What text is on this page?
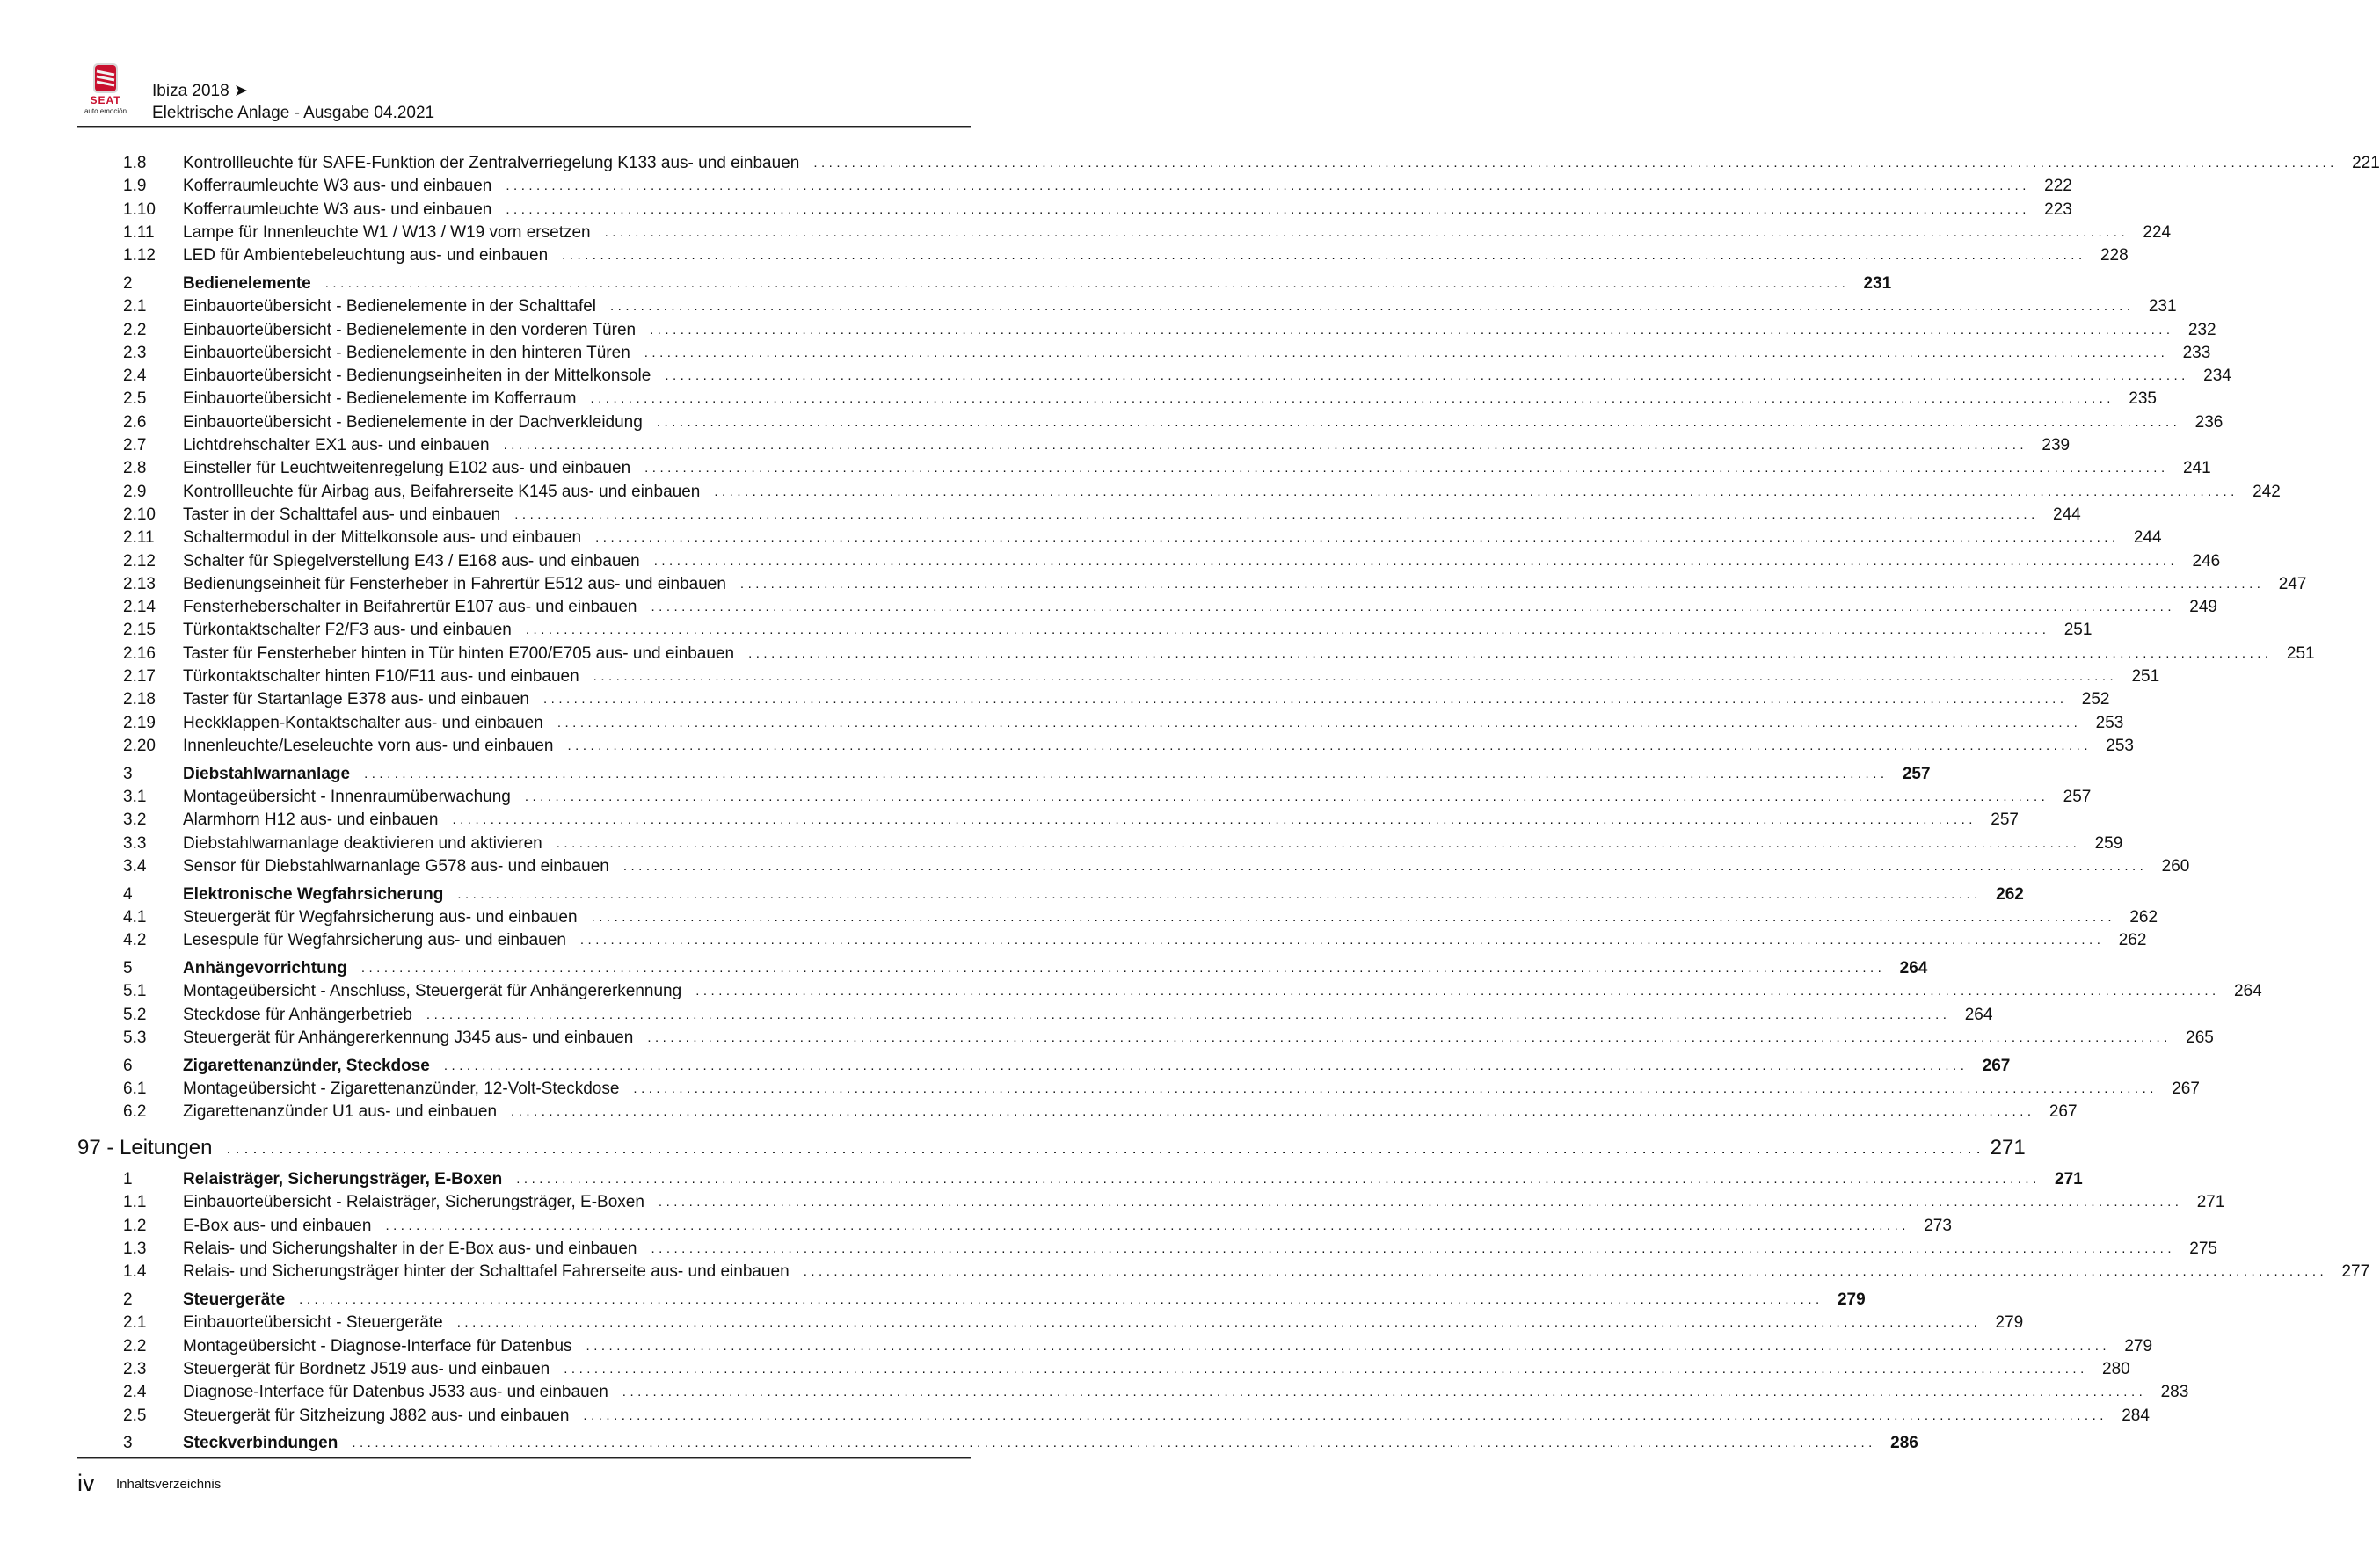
SEAT
auto emoción
Ibiza 2018 ➤
Elektrische Anlage - Ausgabe 04.2021
1.8	Kontrollleuchte für SAFE-Funktion der Zentralverriegelung K133 aus- und einbauen ........................................................................................................................................................................................................ 221
1.9	Kofferraumleuchte W3 aus- und einbauen ........................................................................................................................................................................................................ 222
1.10	Kofferraumleuchte W3 aus- und einbauen ........................................................................................................................................................................................................ 223
1.11	Lampe für Innenleuchte W1 / W13 / W19 vorn ersetzen ........................................................................................................................................................................................................ 224
1.12	LED für Ambientebeleuchtung aus- und einbauen ........................................................................................................................................................................................................ 228
2	Bedienelemente ........................................................................................................................................................................................................ 231
2.1	Einbauorteübersicht - Bedienelemente in der Schalttafel ........................................................................................................................................................................................................ 231
2.2	Einbauorteübersicht - Bedienelemente in den vorderen Türen ........................................................................................................................................................................................................ 232
2.3	Einbauorteübersicht - Bedienelemente in den hinteren Türen ........................................................................................................................................................................................................ 233
2.4	Einbauorteübersicht - Bedienungseinheiten in der Mittelkonsole ........................................................................................................................................................................................................ 234
2.5	Einbauorteübersicht - Bedienelemente im Kofferraum ........................................................................................................................................................................................................ 235
2.6	Einbauorteübersicht - Bedienelemente in der Dachverkleidung ........................................................................................................................................................................................................ 236
2.7	Lichtdrehschalter EX1 aus- und einbauen ........................................................................................................................................................................................................ 239
2.8	Einsteller für Leuchtweitenregelung E102 aus- und einbauen ........................................................................................................................................................................................................ 241
2.9	Kontrollleuchte für Airbag aus, Beifahrerseite K145 aus- und einbauen ........................................................................................................................................................................................................ 242
2.10	Taster in der Schalttafel aus- und einbauen ........................................................................................................................................................................................................ 244
2.11	Schaltermodul in der Mittelkonsole aus- und einbauen ........................................................................................................................................................................................................ 244
2.12	Schalter für Spiegelverstellung E43 / E168 aus- und einbauen ........................................................................................................................................................................................................ 246
2.13	Bedienungseinheit für Fensterheber in Fahrertür E512 aus- und einbauen ........................................................................................................................................................................................................ 247
2.14	Fensterheberschalter in Beifahrertür E107 aus- und einbauen ........................................................................................................................................................................................................ 249
2.15	Türkontaktschalter F2/F3 aus- und einbauen ........................................................................................................................................................................................................ 251
2.16	Taster für Fensterheber hinten in Tür hinten E700/E705 aus- und einbauen ........................................................................................................................................................................................................ 251
2.17	Türkontaktschalter hinten F10/F11 aus- und einbauen ........................................................................................................................................................................................................ 251
2.18	Taster für Startanlage E378 aus- und einbauen ........................................................................................................................................................................................................ 252
2.19	Heckklappen-Kontaktschalter aus- und einbauen ........................................................................................................................................................................................................ 253
2.20	Innenleuchte/Leseleuchte vorn aus- und einbauen ........................................................................................................................................................................................................ 253
3	Diebstahlwarnanlage ........................................................................................................................................................................................................ 257
3.1	Montageübersicht - Innenraumüberwachung ........................................................................................................................................................................................................ 257
3.2	Alarmhorn H12 aus- und einbauen ........................................................................................................................................................................................................ 257
3.3	Diebstahlwarnanlage deaktivieren und aktivieren ........................................................................................................................................................................................................ 259
3.4	Sensor für Diebstahlwarnanlage G578 aus- und einbauen ........................................................................................................................................................................................................ 260
4	Elektronische Wegfahrsicherung ........................................................................................................................................................................................................ 262
4.1	Steuergerät für Wegfahrsicherung aus- und einbauen ........................................................................................................................................................................................................ 262
4.2	Lesespule für Wegfahrsicherung aus- und einbauen ........................................................................................................................................................................................................ 262
5	Anhängevorrichtung ........................................................................................................................................................................................................ 264
5.1	Montageübersicht - Anschluss, Steuergerät für Anhängererkennung ........................................................................................................................................................................................................ 264
5.2	Steckdose für Anhängerbetrieb ........................................................................................................................................................................................................ 264
5.3	Steuergerät für Anhängererkennung J345 aus- und einbauen ........................................................................................................................................................................................................ 265
6	Zigarettenanzünder, Steckdose ........................................................................................................................................................................................................ 267
6.1	Montageübersicht - Zigarettenanzünder, 12-Volt-Steckdose ........................................................................................................................................................................................................ 267
6.2	Zigarettenanzünder U1 aus- und einbauen ........................................................................................................................................................................................................ 267
97 - Leitungen ........................................................................................................................................................................................................ 271
1	Relaisträger, Sicherungsträger, E-Boxen ........................................................................................................................................................................................................ 271
1.1	Einbauorteübersicht - Relaisträger, Sicherungsträger, E-Boxen ........................................................................................................................................................................................................ 271
1.2	E-Box aus- und einbauen ........................................................................................................................................................................................................ 273
1.3	Relais- und Sicherungshalter in der E-Box aus- und einbauen ........................................................................................................................................................................................................ 275
1.4	Relais- und Sicherungsträger hinter der Schalttafel Fahrerseite aus- und einbauen ........................................................................................................................................................................................................ 277
2	Steuergeräte ........................................................................................................................................................................................................ 279
2.1	Einbauorteübersicht - Steuergeräte ........................................................................................................................................................................................................ 279
2.2	Montageübersicht - Diagnose-Interface für Datenbus ........................................................................................................................................................................................................ 279
2.3	Steuergerät für Bordnetz J519 aus- und einbauen ........................................................................................................................................................................................................ 280
2.4	Diagnose-Interface für Datenbus J533 aus- und einbauen ........................................................................................................................................................................................................ 283
2.5	Steuergerät für Sitzheizung J882 aus- und einbauen ........................................................................................................................................................................................................ 284
3	Steckverbindungen ........................................................................................................................................................................................................ 286
iv Inhaltsverzeichnis
